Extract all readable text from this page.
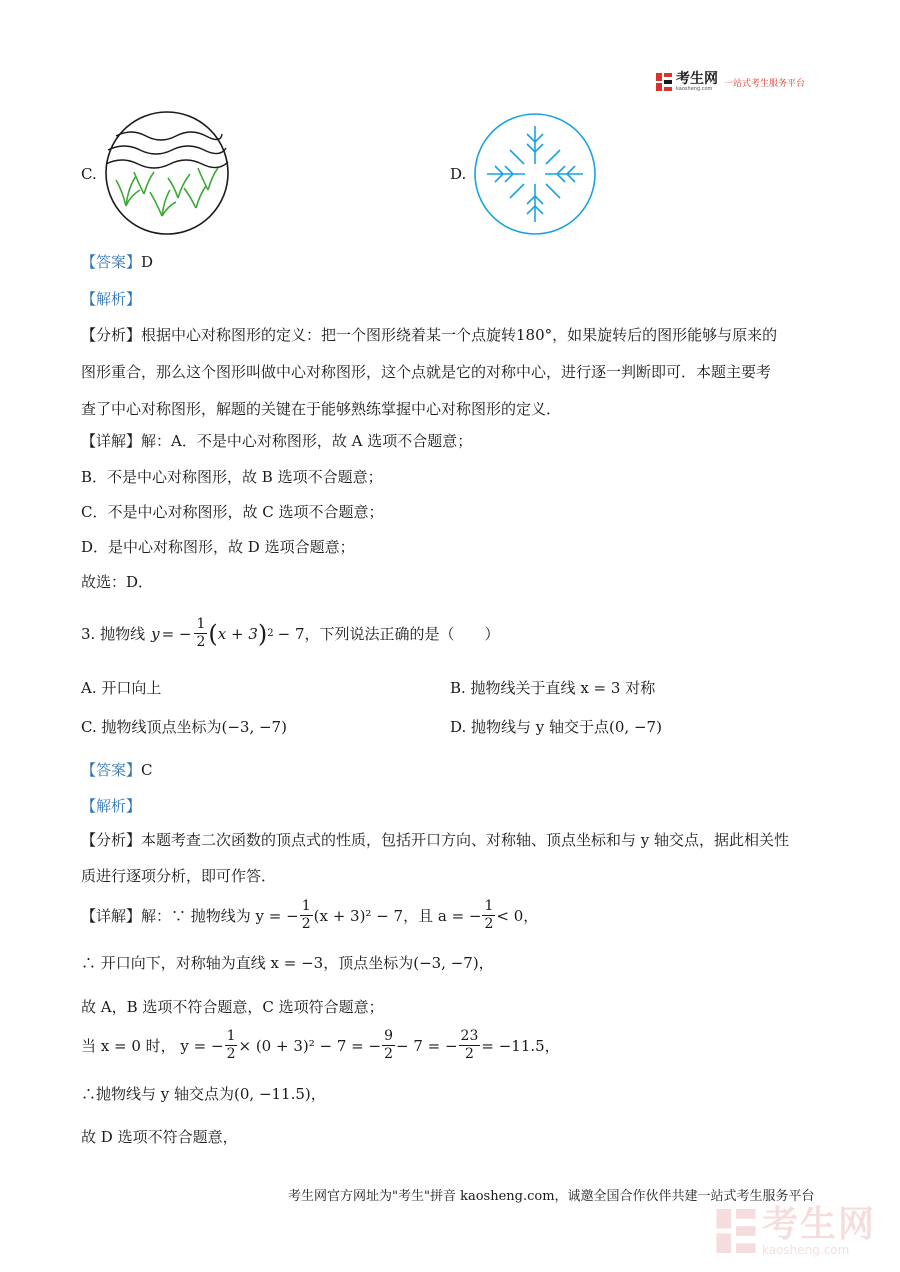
考生网
kaosheng.com
一站式考生服务平台
C.	D.
【答案】D
【解析】
【分析】根据中心对称图形的定义：把一个图形绕着某一个点旋转180°，如果旋转后的图形能够与原来的
图形重合，那么这个图形叫做中心对称图形，这个点就是它的对称中心，进行逐一判断即可．本题主要考
查了中心对称图形，解题的关键在于能够熟练掌握中心对称图形的定义．
【详解】解：A．不是中心对称图形，故 A 选项不合题意；
B．不是中心对称图形，故 B 选项不合题意；
C．不是中心对称图形，故 C 选项不合题意；
D．是中心对称图形，故 D 选项合题意；
故选：D．
3. 抛物线 y = − $\frac{1}{2}$ ( x + 3 ) 2 − 7 ，下列说法正确的是（　　）
A. 开口向上	B. 抛物线关于直线 x = 3 对称
C. 抛物线顶点坐标为(−3, −7)	D. 抛物线与 y 轴交于点(0, −7)
【答案】C
【解析】
【分析】本题考查二次函数的顶点式的性质，包括开口方向、对称轴、顶点坐标和与 y 轴交点，据此相关性
质进行逐项分析，即可作答．
【详解】 解：∵ 抛物线为 y = − $\frac{1}{2} (x + 3)^2 - 7$，且 a = − $\frac{1}{2} < 0$，
∴ 开口向下，对称轴为直线 x = −3，顶点坐标为(−3, −7)，
故 A，B 选项不符合题意，C 选项符合题意；
当 x = 0 时， y = − $\frac{1}{2} \times (0 + 3)^2 - 7$ = − $\frac{9}{2} - 7$ = − $\frac{23}{2} = -11.5$，
∴抛物线与 y 轴交点为(0, −11.5)，
故 D 选项不符合题意，
考生网官方网址为"考生"拼音 kaosheng.com，诚邀全国合作伙伴共建一站式考生服务平台
考生网
kaosheng.com
